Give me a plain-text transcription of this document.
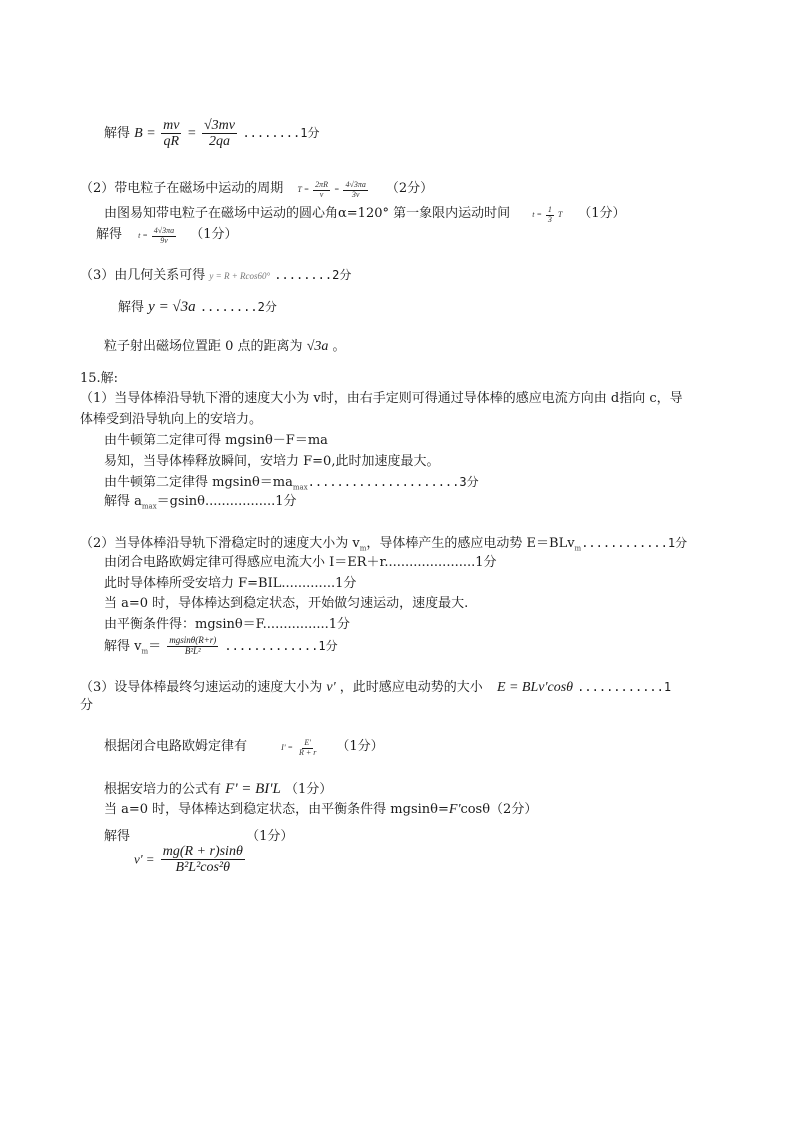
解得 $B = \frac{mv}{qR} = \frac{√3mv}{2qa} ........1$分
（2）带电粒子在磁场中运动的周期 $T = \frac{2\pi R}{v} = \frac{4√3\pi a}{3v} (2$分）
由图易知带电粒子在磁场中运动的圆心角α=120° 第一象限内运动时间	$t = \frac{1}{3}$ T （1分）
解得 $t = \frac{4√3\pi a}{9v} (1$分）
（3）由几何关系可得 y = R + Rcos60° ........2分
解得 y = √3a ........2分
粒子射出磁场位置距 0 点的距离为 √3a 。
15.解:
（1）当导体棒沿导轨下滑的速度大小为 v时，由右手定则可得通过导体棒的感应电流方向由 d指向 c，导
体棒受到沿导轨向上的安培力。
由牛顿第二定律可得 mgsinθ－F＝ma
易知，当导体棒释放瞬间，安培力 F=0,此时加速度最大。
由牛顿第二定律得 $mgsin\theta=ma_{max}.....................3$分
解得 $a_{max}=gsin\theta.................1$分
（2）当导体棒沿导轨下滑稳定时的速度大小为 $v_m$，导体棒产生的感应电动势 E＝BLv$_m$............1分
由闭合电路欧姆定律可得感应电流大小 I＝ER＋r......................1分
此时导体棒所受安培力 F=BIL.............1分
当 a=0 时，导体棒达到稳定状态，开始做匀速运动，速度最大.
由平衡条件得：mgsinθ＝F................1分
解得 $v_m= \frac{mgsin\theta(R+r)}{\text{B²L²}} .............1$分
（3）设导体棒最终匀速运动的速度大小为 v' ，此时感应电动势的大小 E = BLv'cosθ ............1
分
根据闭合电路欧姆定律有	$I' = \frac{E'}{R + r} (1$分）
根据安培力的公式有 F' = BI'L （1分）
当 a=0 时，导体棒达到稳定状态，由平衡条件得 mgsinθ=F'cosθ（2分）
解得	（1分）
$v' = \frac{mg(R + r)\sin\theta}{\text{B²L²cos²θ}}$
